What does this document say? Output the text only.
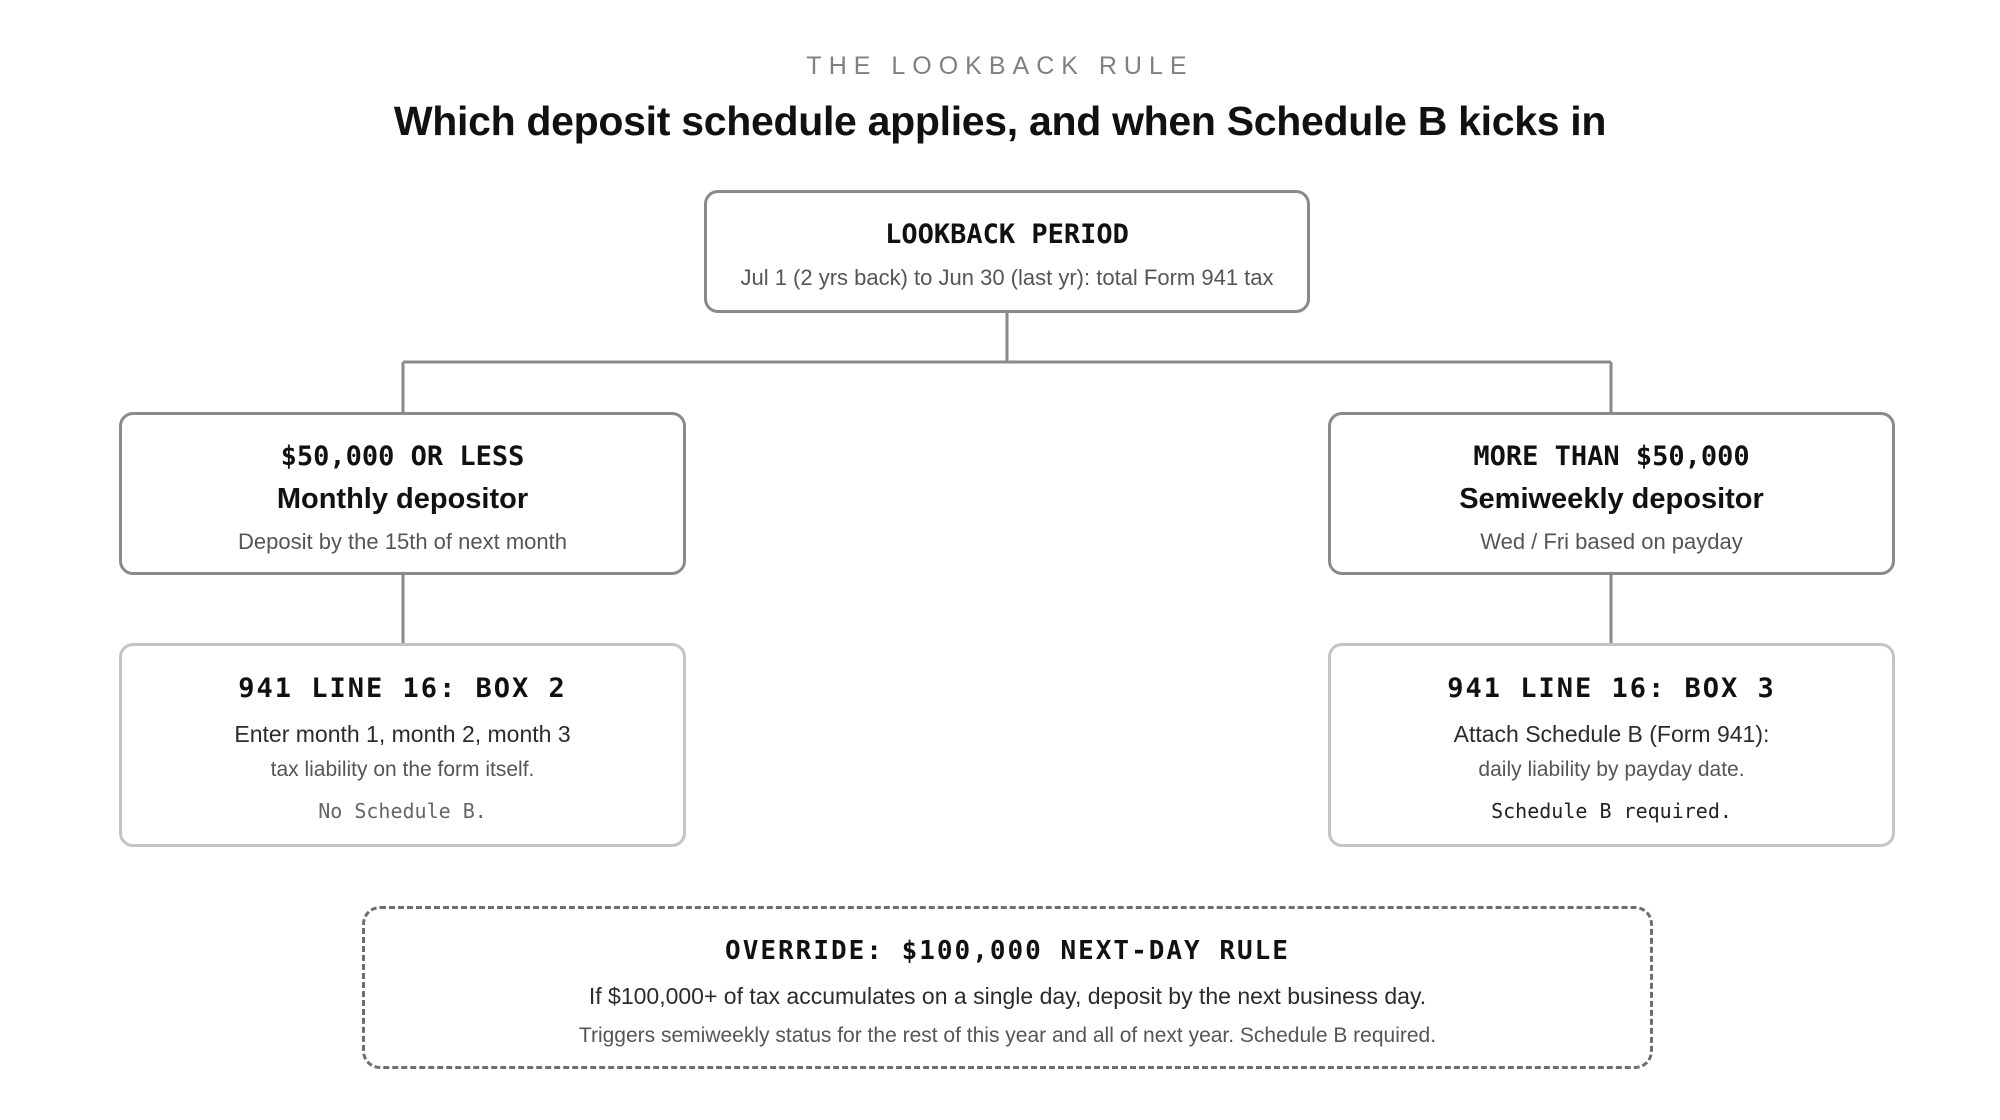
THE LOOKBACK RULE
Which deposit schedule applies, and when Schedule B kicks in
LOOKBACK PERIOD
Jul 1 (2 yrs back) to Jun 30 (last yr): total Form 941 tax
$50,000 OR LESS
Monthly depositor
Deposit by the 15th of next month
MORE THAN $50,000
Semiweekly depositor
Wed / Fri based on payday
941 LINE 16: BOX 2
Enter month 1, month 2, month 3
tax liability on the form itself.
No Schedule B.
941 LINE 16: BOX 3
Attach Schedule B (Form 941):
daily liability by payday date.
Schedule B required.
OVERRIDE: $100,000 NEXT-DAY RULE
If $100,000+ of tax accumulates on a single day, deposit by the next business day.
Triggers semiweekly status for the rest of this year and all of next year. Schedule B required.
